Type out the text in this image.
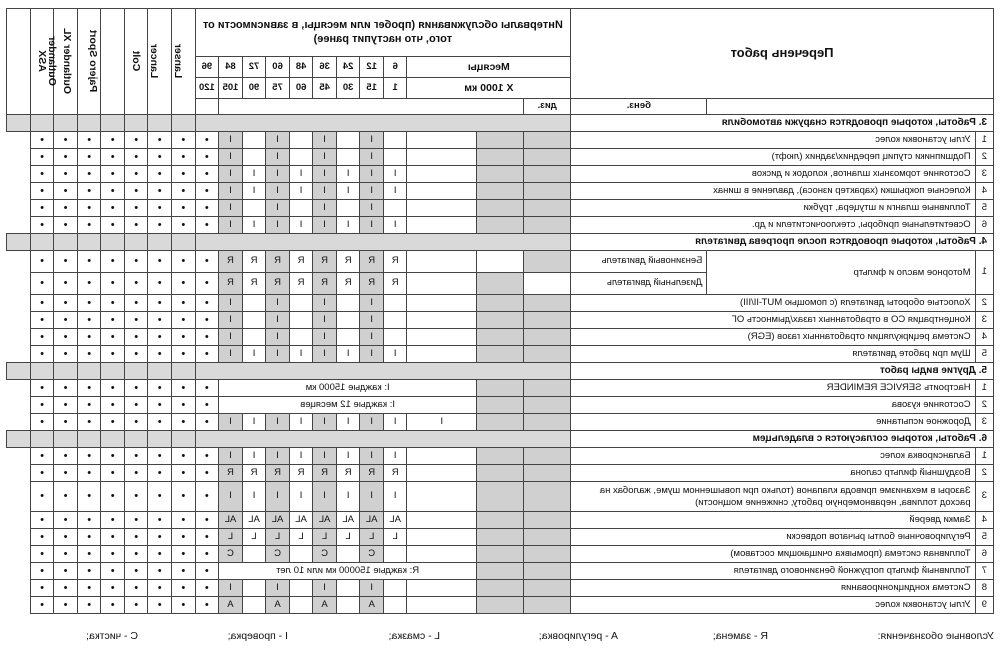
Перечень работ			Интервалы обслуживания (пробег или месяцы, в зависимости от того, что наступит ранее)												Lanser	Lancer	Colt	Pajero Sport	Outlander XL	Outlander	ASX	
			Месяцы			6	12	24	36	48	60	72	84	96								
			X 1000 км			1	15	30	45	60	75	90	105	120								
		бенз.	диз.																			
3. Работы, которые проводятся снаружи автомобиля																						
1	Углы установки колес						I		I		I		I	•	•	•	•	•	•	•	•	
2	Подшипники ступиц передних/задних (люфт)						I		I		I		I	•	•	•	•	•	•	•	•	
3	Состояние тормозных шлангов, колодок и дисков					I	I	I	I	I	I	I	I	•	•	•	•	•	•	•	•	
4	Колесные покрышки (характер износа), давление в шинах					I	I	I	I	I	I	I	I	•	•	•	•	•	•	•	•	
5	Топливные шланги и штуцера, трубки						I		I		I		I	•	•	•	•	•	•	•	•	
6	Осветительные приборы, стеклоочистители и др.					I	I	I	I	I	I	I	I	•	•	•	•	•	•	•	•	
4. Работы, которые проводятся после прогрева двигателя																						
1	Моторное масло и фильтр	Бензиновый двигатель				R	R	R	R	R	R	R	R	•	•	•	•	•	•	•	•	
		Дизельный двигатель				R	R	R	R	R	R	R	R	•	•	•	•	•	•	•	•	
2	Холостые обороты двигателя (с помощью MUT-II/III)						I		I		I		I	•	•	•	•	•	•	•	•	
3	Концентрация CO в отработанных газах/дымность ОГ						I		I		I		I	•	•	•	•	•	•	•	•	
4	Система рециркуляции отработанных газов (EGR)						I		I		I		I	•	•	•	•	•	•	•	•	
5	Шум при работе двигателя					I	I	I	I	I	I	I	I	•	•	•	•	•	•	•	•	
5. Другие виды работ																						
1	Настроить SERVICE REMINDER				I: каждые 15000 км									•	•	•	•	•	•	•	•	
2	Состояние кузова				I: каждые 12 месяцев									•	•	•	•	•	•	•	•	
3	Дорожное испытание				I	I	I	I	I	I	I	I	I	•	•	•	•	•	•	•	•	
6. Работы, которые согласуются с владельцем																						
1	Балансировка колес					I	I	I	I	I	I	I	I	•	•	•	•	•	•	•	•	
2	Воздушный фильтр салона					R	R	R	R	R	R	R	R	•	•	•	•	•	•	•	•	
3	Зазоры в механизме привода клапанов (только при повышенном шуме, жалобах на расход топлива, неравномерную работу, снижение мощности)					I	I	I	I	I	I	I	I	•	•	•	•	•	•	•	•	
4	Замки дверей					AL	AL	AL	AL	AL	AL	AL	AL	•	•	•	•	•	•	•	•	
5	Регулировочные болты рычагов подвески					L	L	L	L	L	L	L	L	•	•	•	•	•	•	•	•	
6	Топливная система (промывка очищающим составом)						C		C		C		C	•	•	•	•	•	•	•	•	
7	Топливный фильтр погружной бензинового двигателя				R: каждые 150000 км или 10 лет									•	•	•	•	•	•	•	•	
8	Система кондиционирования						I		I		I		I	•	•	•	•	•	•	•	•	
9	Углы установки колес						A		A		A		A	•	•	•	•	•	•	•	•	
Условные обозначения:
R - замена;
A - регулировка;
L - смазка;
I - проверка;
C - чистка;
